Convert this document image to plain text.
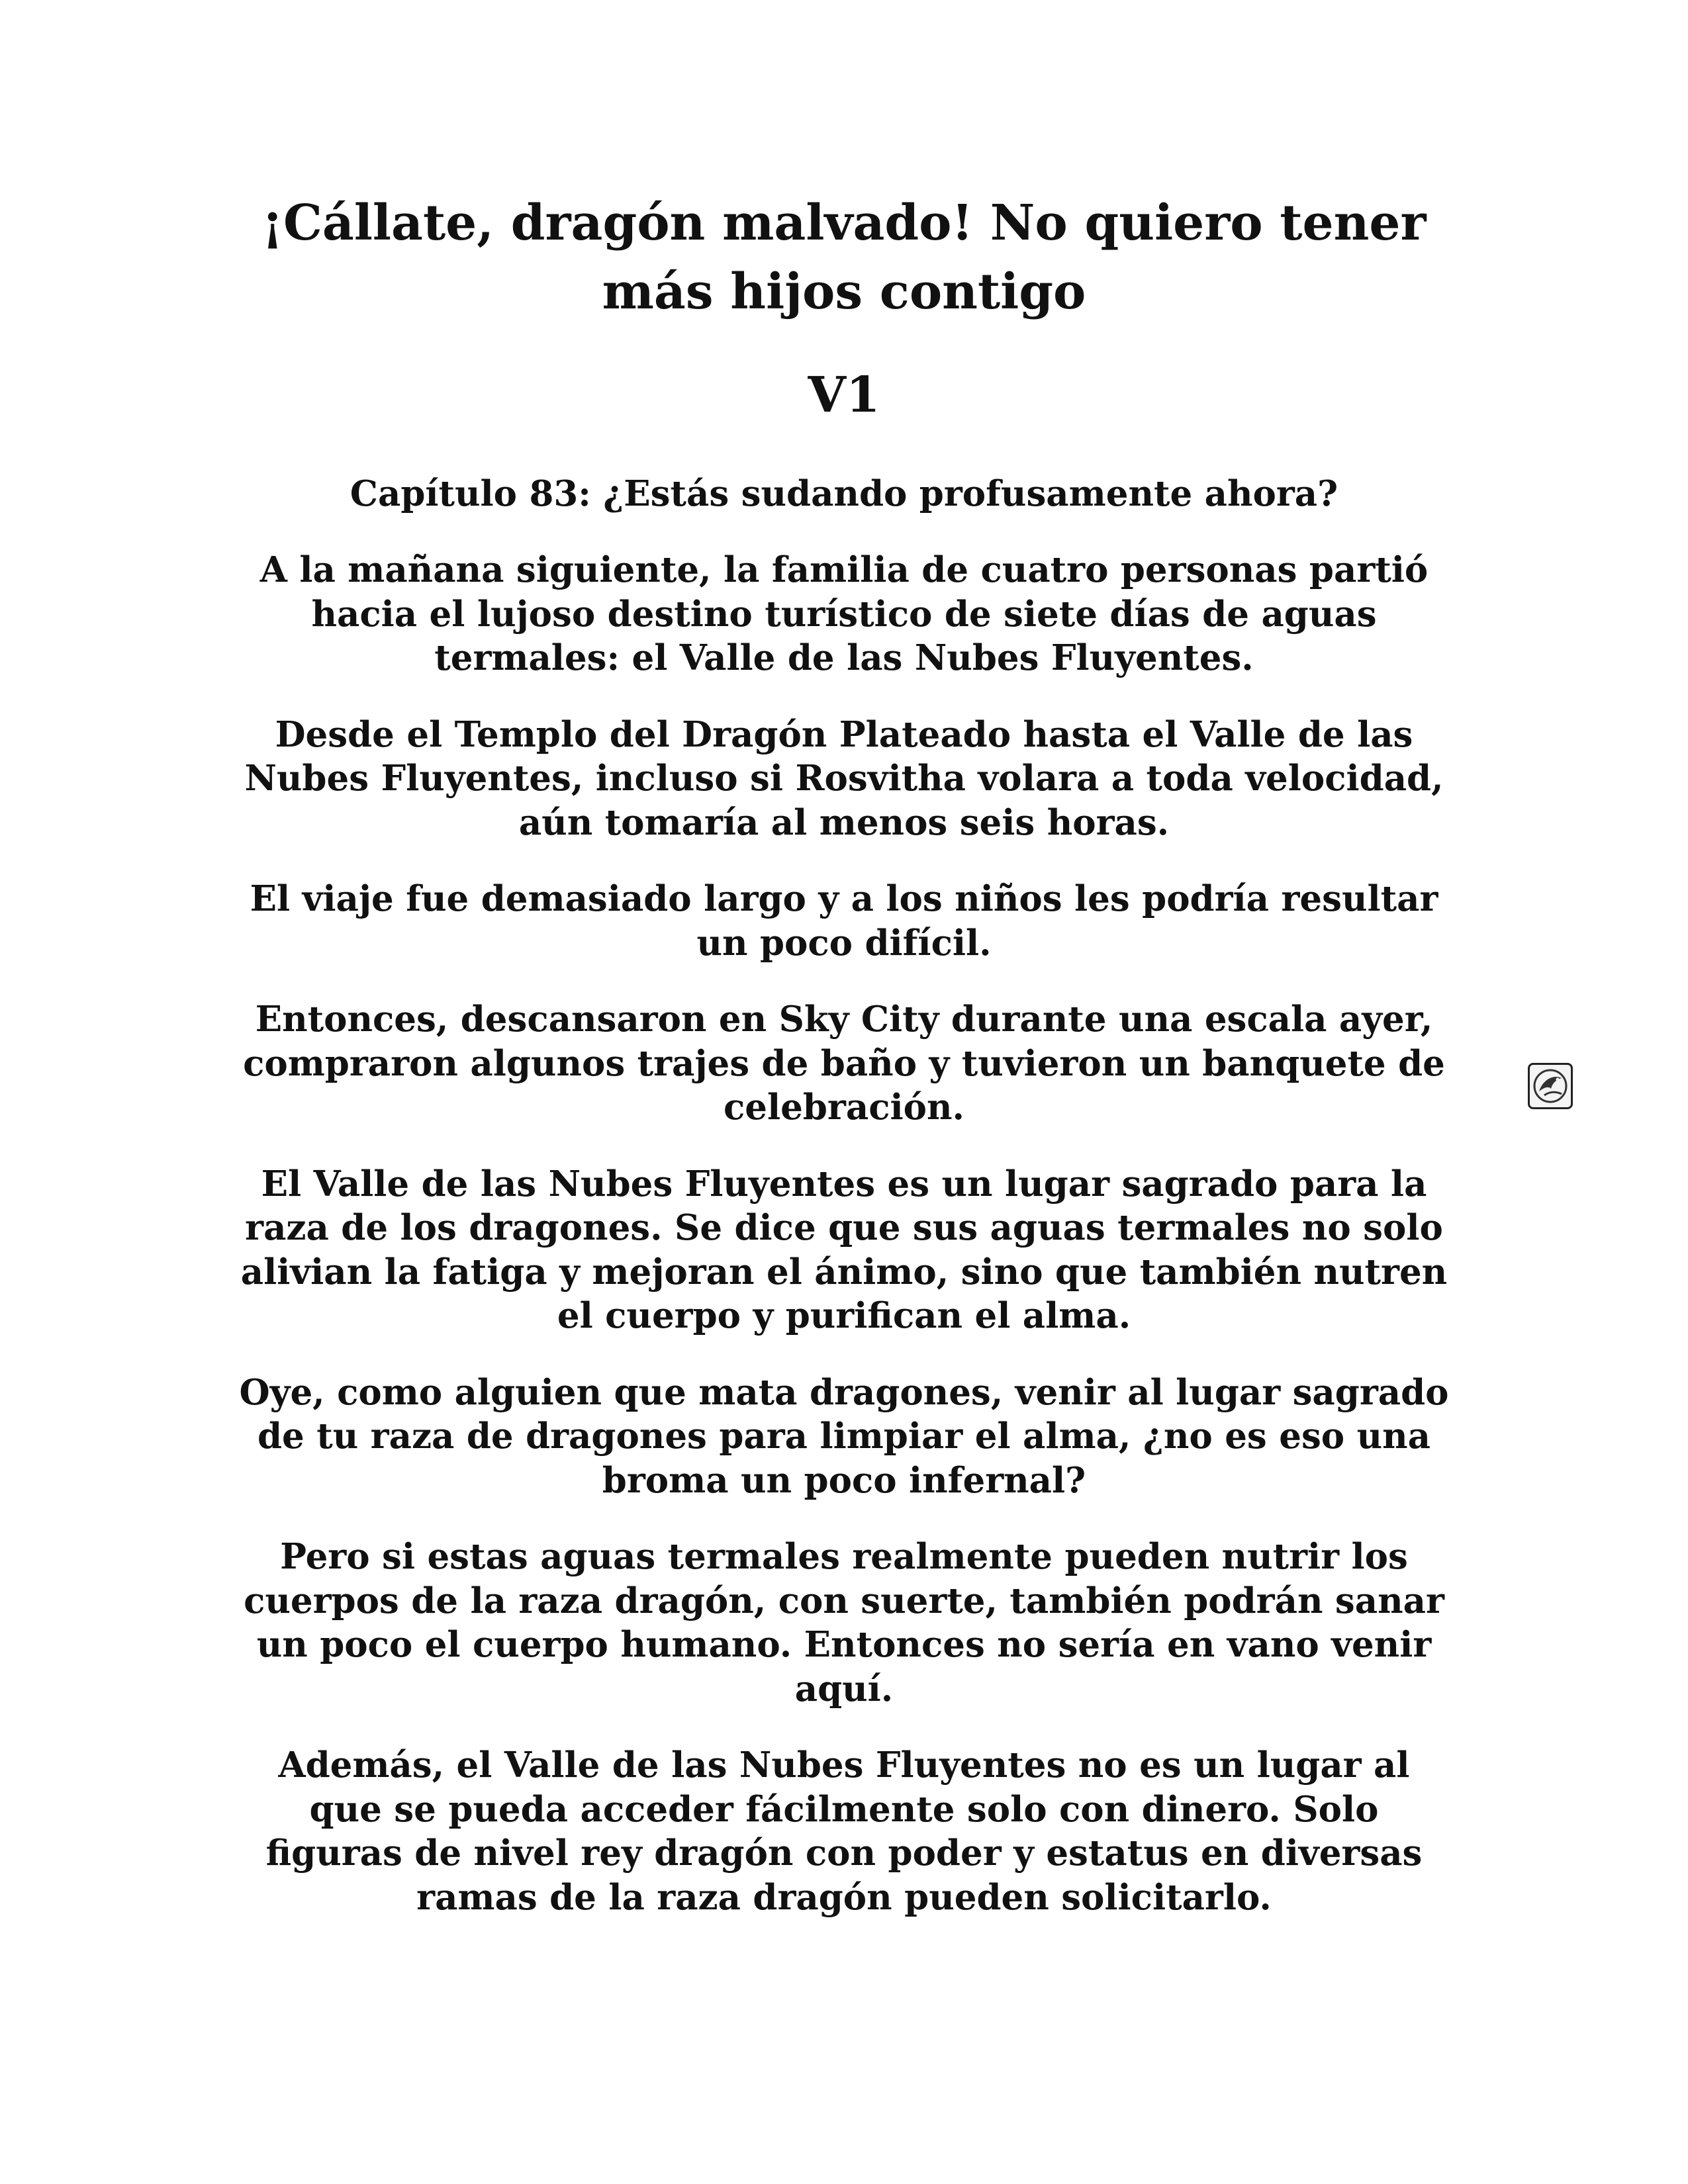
¡Cállate, dragón malvado! No quiero tener más hijos contigo
V1
Capítulo 83: ¿Estás sudando profusamente ahora?

A la mañana siguiente, la familia de cuatro personas partió hacia el lujoso destino turístico de siete días de aguas termales: el Valle de las Nubes Fluyentes.

Desde el Templo del Dragón Plateado hasta el Valle de las Nubes Fluyentes, incluso si Rosvitha volara a toda velocidad, aún tomaría al menos seis horas.

El viaje fue demasiado largo y a los niños les podría resultar un poco difícil.

Entonces, descansaron en Sky City durante una escala ayer, compraron algunos trajes de baño y tuvieron un banquete de celebración.

El Valle de las Nubes Fluyentes es un lugar sagrado para la raza de los dragones. Se dice que sus aguas termales no solo alivian la fatiga y mejoran el ánimo, sino que también nutren el cuerpo y purifican el alma.

Oye, como alguien que mata dragones, venir al lugar sagrado de tu raza de dragones para limpiar el alma, ¿no es eso una broma un poco infernal?

Pero si estas aguas termales realmente pueden nutrir los cuerpos de la raza dragón, con suerte, también podrán sanar un poco el cuerpo humano. Entonces no sería en vano venir aquí.

Además, el Valle de las Nubes Fluyentes no es un lugar al que se pueda acceder fácilmente solo con dinero. Solo figuras de nivel rey dragón con poder y estatus en diversas ramas de la raza dragón pueden solicitarlo.
